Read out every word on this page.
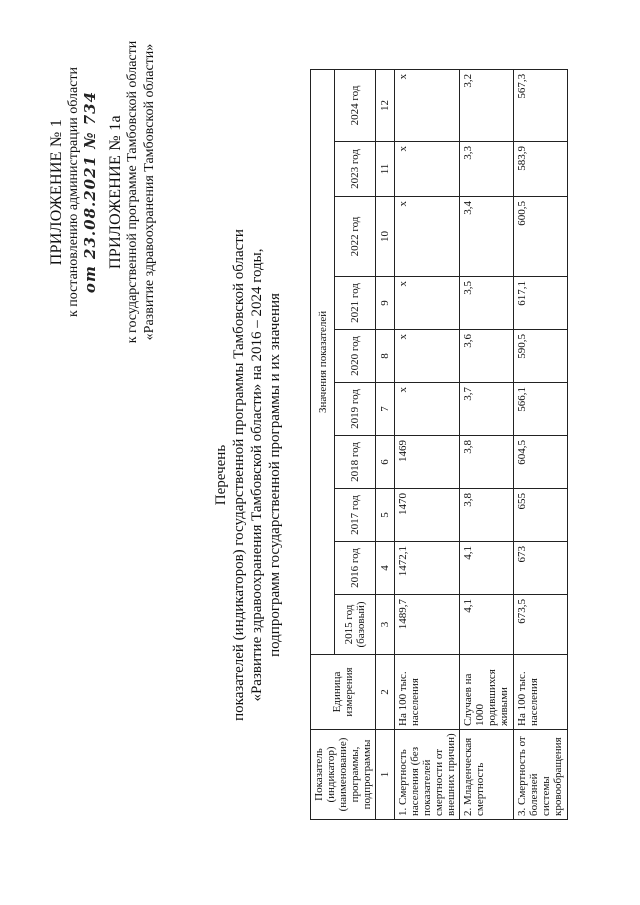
ПРИЛОЖЕНИЕ № 1 к постановлению администрации области от 23.08.2021 № 734 ПРИЛОЖЕНИЕ № 1а к государственной программе Тамбовской области «Развитие здравоохранения Тамбовской области»
Перечень показателей (индикаторов) государственной программы Тамбовской области «Развитие здравоохранения Тамбовской области» на 2016 – 2024 годы, подпрограмм государственной программы и их значения
Показатель (индикатор) (наименование) программы, подпрограммы	Единица измерения	Значения показателей									
		2015 год (базовый)	2016 год	2017 год	2018 год	2019 год	2020 год	2021 год	2022 год	2023 год	2024 год
1	2	3	4	5	6	7	8	9	10	11	12
1. Смертность населения (без показателей смертности от внешних причин)	На 100 тыс. населения	1489,7	1472,1	1470	1469	х	х	х	х	х	х
2. Младенческая смертность	Случаев на 1000 родившихся живыми	4,1	4,1	3,8	3,8	3,7	3,6	3,5	3,4	3,3	3,2
3. Смертность от болезней системы кровообращения	На 100 тыс. населения	673,5	673	655	604,5	566,1	590,5	617,1	600,5	583,9	567,3
